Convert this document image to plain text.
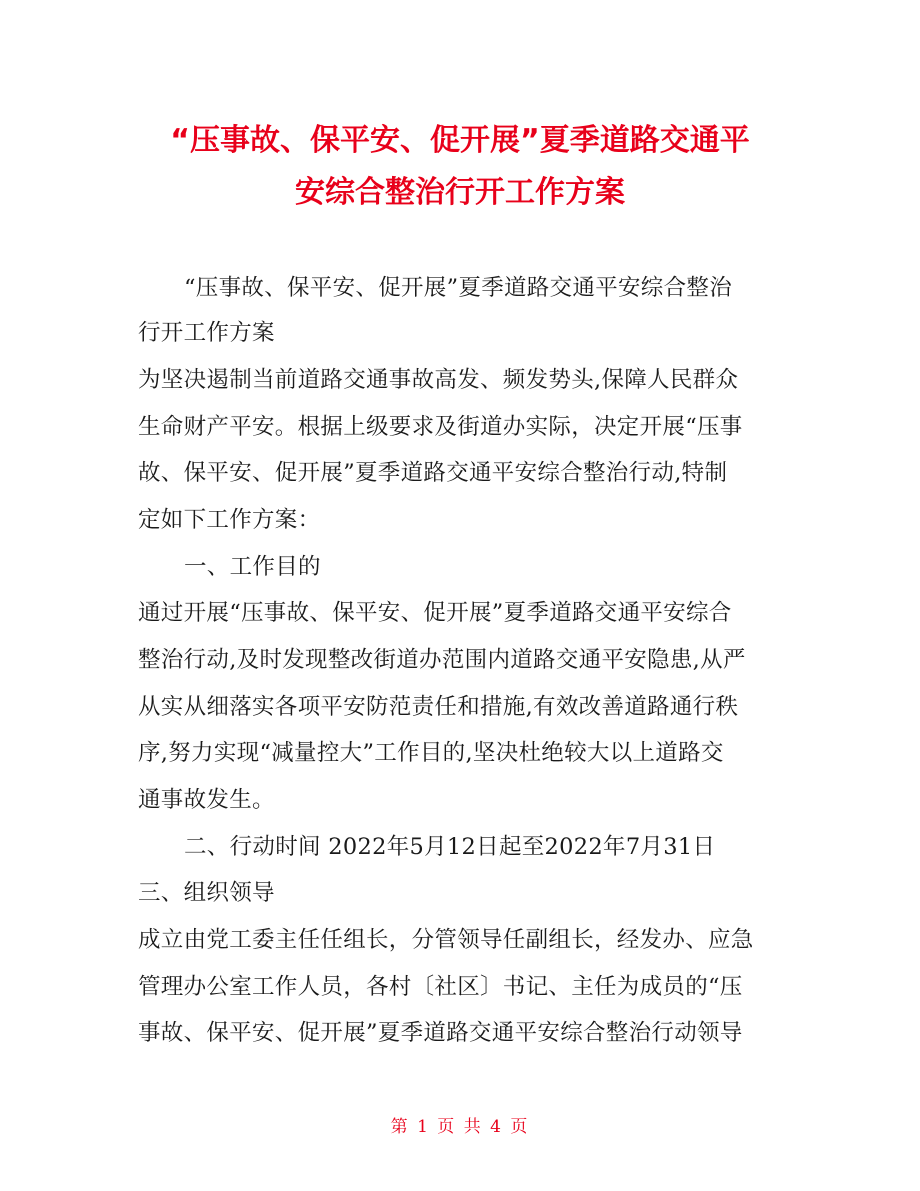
“压事故、保平安、促开展”夏季道路交通平
安综合整治行开工作方案
“压事故、保平安、促开展”夏季道路交通平安综合整治
行开工作方案
为坚决遏制当前道路交通事故高发、频发势头,保障人民群众
生命财产平安。根据上级要求及街道办实际，决定开展“压事
故、保平安、促开展”夏季道路交通平安综合整治行动,特制
定如下工作方案：
一、工作目的
通过开展“压事故、保平安、促开展”夏季道路交通平安综合
整治行动,及时发现整改街道办范围内道路交通平安隐患,从严
从实从细落实各项平安防范责任和措施,有效改善道路通行秩
序,努力实现“减量控大”工作目的,坚决杜绝较大以上道路交
通事故发生。
二、行动时间 2022年5月12日起至2022年7月31日
三、组织领导
成立由党工委主任任组长，分管领导任副组长，经发办、应急
管理办公室工作人员，各村〔社区〕书记、主任为成员的“压
事故、保平安、促开展”夏季道路交通平安综合整治行动领导
第 1 页 共 4 页
